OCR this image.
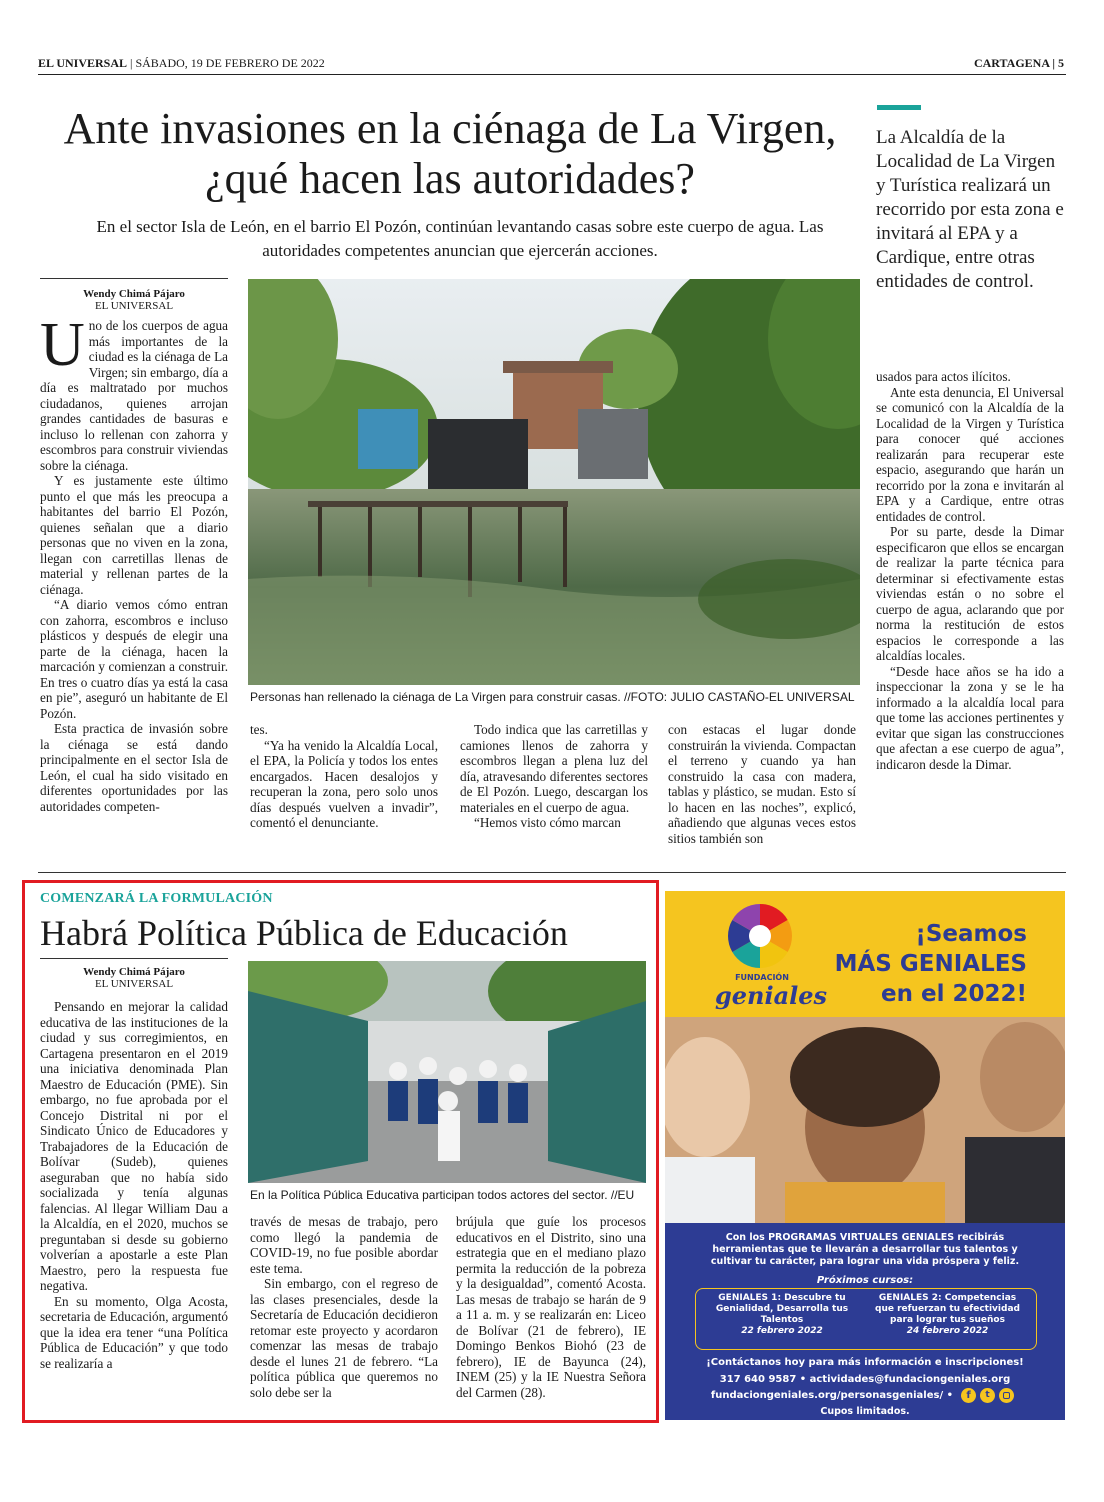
EL UNIVERSAL | SÁBADO, 19 DE FEBRERO DE 2022	CARTAGENA | 5
Ante invasiones en la ciénaga de La Virgen, ¿qué hacen las autoridades?
En el sector Isla de León, en el barrio El Pozón, continúan levantando casas sobre este cuerpo de agua. Las autoridades competentes anuncian que ejercerán acciones.
La Alcaldía de la Localidad de La Virgen y Turística realizará un recorrido por esta zona e invitará al EPA y a Cardique, entre otras entidades de control.
Wendy Chimá Pájaro
EL UNIVERSAL

Uno de los cuerpos de agua más importantes de la ciudad es la ciénaga de La Virgen; sin embargo, día a día es maltratado por muchos ciudadanos, quienes arrojan grandes cantidades de basuras e incluso lo rellenan con zahorra y escombros para construir viviendas sobre la ciénaga.

Y es justamente este último punto el que más les preocupa a habitantes del barrio El Pozón, quienes señalan que a diario personas que no viven en la zona, llegan con carretillas llenas de material y rellenan partes de la ciénaga.

“A diario vemos cómo entran con zahorra, escombros e incluso plásticos y después de elegir una parte de la ciénaga, hacen la marcación y comienzan a construir. En tres o cuatro días ya está la casa en pie”, aseguró un habitante de El Pozón.

Esta practica de invasión sobre la ciénaga se está dando principalmente en el sector Isla de León, el cual ha sido visitado en diferentes oportunidades por las autoridades competen-

Personas han rellenado la ciénaga de La Virgen para construir casas. //FOTO: JULIO CASTAÑO-EL UNIVERSAL

tes.

“Ya ha venido la Alcaldía Local, el EPA, la Policía y todos los entes encargados. Hacen desalojos y recuperan la zona, pero solo unos días después vuelven a invadir”, comentó el denunciante.

Todo indica que las carretillas y camiones llenos de zahorra y escombros llegan a plena luz del día, atravesando diferentes sectores de El Pozón. Luego, descargan los materiales en el cuerpo de agua.

“Hemos visto cómo marcan

con estacas el lugar donde construirán la vivienda. Compactan el terreno y cuando ya han construido la casa con madera, tablas y plástico, se mudan. Esto sí lo hacen en las noches”, explicó, añadiendo que algunas veces estos sitios también son

usados para actos ilícitos.

Ante esta denuncia, El Universal se comunicó con la Alcaldía de la Localidad de la Virgen y Turística para conocer qué acciones realizarán para recuperar este espacio, asegurando que harán un recorrido por la zona e invitarán al EPA y a Cardique, entre otras entidades de control.

Por su parte, desde la Dimar especificaron que ellos se encargan de realizar la parte técnica para determinar si efectivamente estas viviendas están o no sobre el cuerpo de agua, aclarando que por norma la restitución de estos espacios le corresponde a las alcaldías locales.

“Desde hace años se ha ido a inspeccionar la zona y se le ha informado a la alcaldía local para que tome las acciones pertinentes y evitar que sigan las construcciones que afectan a ese cuerpo de agua”, indicaron desde la Dimar.

COMENZARÁ LA FORMULACIÓN
Habrá Política Pública de Educación
Wendy Chimá Pájaro
EL UNIVERSAL

Pensando en mejorar la calidad educativa de las instituciones de la ciudad y sus corregimientos, en Cartagena presentaron en el 2019 una iniciativa denominada Plan Maestro de Educación (PME). Sin embargo, no fue aprobada por el Concejo Distrital ni por el Sindicato Único de Educadores y Trabajadores de la Educación de Bolívar (Sudeb), quienes aseguraban que no había sido socializada y tenía algunas falencias. Al llegar William Dau a la Alcaldía, en el 2020, muchos se preguntaban si desde su gobierno volverían a apostarle a este Plan Maestro, pero la respuesta fue negativa.

En su momento, Olga Acosta, secretaria de Educación, argumentó que la idea era tener “una Política Pública de Educación” y que todo se realizaría a

En la Política Pública Educativa participan todos actores del sector. //EU

través de mesas de trabajo, pero como llegó la pandemia de COVID-19, no fue posible abordar este tema.

Sin embargo, con el regreso de las clases presenciales, desde la Secretaría de Educación decidieron retomar este proyecto y acordaron comenzar las mesas de trabajo desde el lunes 21 de febrero. “La política pública que queremos no solo debe ser la

brújula que guíe los procesos educativos en el Distrito, sino una estrategia que en el mediano plazo permita la reducción de la pobreza y la desigualdad”, comentó Acosta. Las mesas de trabajo se harán de 9 a 11 a. m. y se realizarán en: Liceo de Bolívar (21 de febrero), IE Domingo Benkos Biohó (23 de febrero), IE de Bayunca (24), INEM (25) y la IE Nuestra Señora del Carmen (28).

FUNDACIÓN
geniales
¡Seamos
MÁS GENIALES
en el 2022!
Con los PROGRAMAS VIRTUALES GENIALES recibirás herramientas que te llevarán a desarrollar tus talentos y cultivar tu carácter, para lograr una vida próspera y feliz.
Próximos cursos:
GENIALES 1: Descubre tu Genialidad, Desarrolla tus Talentos
22 febrero 2022
GENIALES 2: Competencias que refuerzan tu efectividad para lograr tus sueños
24 febrero 2022
¡Contáctanos hoy para más información e inscripciones!
317 640 9587 • actividades@fundaciongeniales.org
fundaciongeniales.org/personasgeniales/ •	f	t
Cupos limitados.
